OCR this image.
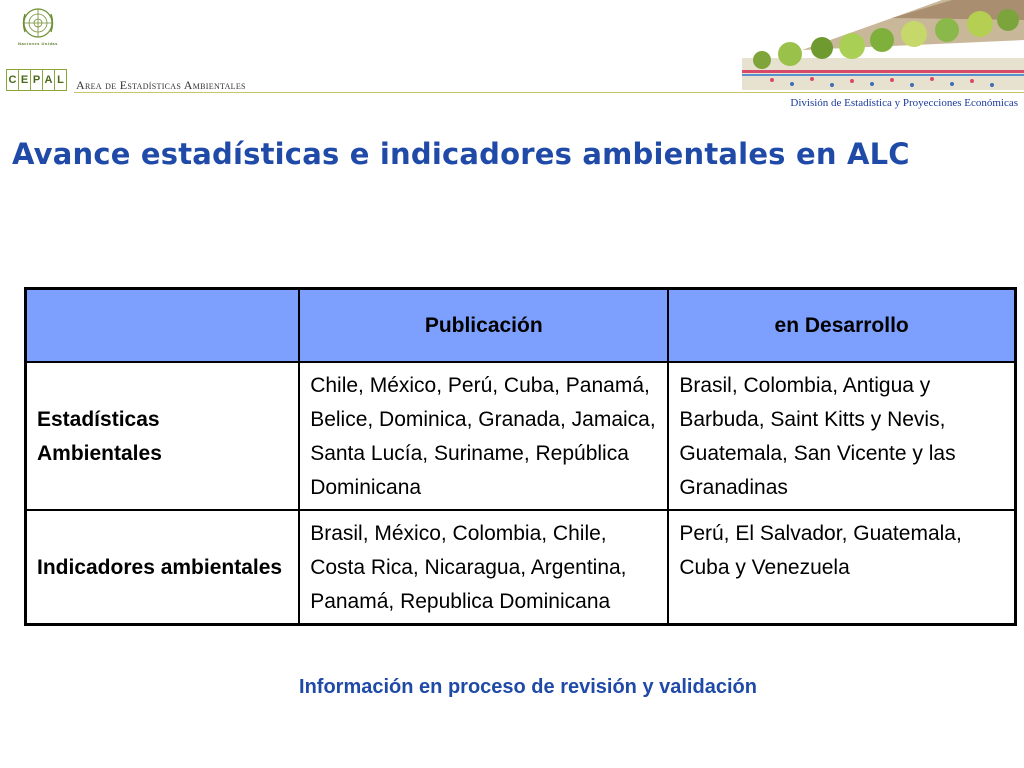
Naciones Unidas
C E P A L Area de Estadísticas Ambientales
División de Estadística y Proyecciones Económicas
Avance estadísticas e indicadores ambientales en ALC
	Publicación	en Desarrollo
Estadísticas Ambientales	Chile, México, Perú, Cuba, Panamá, Belice, Dominica, Granada, Jamaica, Santa Lucía, Suriname, República Dominicana	Brasil, Colombia, Antigua y Barbuda, Saint Kitts y Nevis, Guatemala, San Vicente y las Granadinas
Indicadores ambientales	Brasil, México, Colombia, Chile, Costa Rica, Nicaragua, Argentina, Panamá, Republica Dominicana	Perú, El Salvador, Guatemala, Cuba y Venezuela

Información en proceso de revisión y validación
